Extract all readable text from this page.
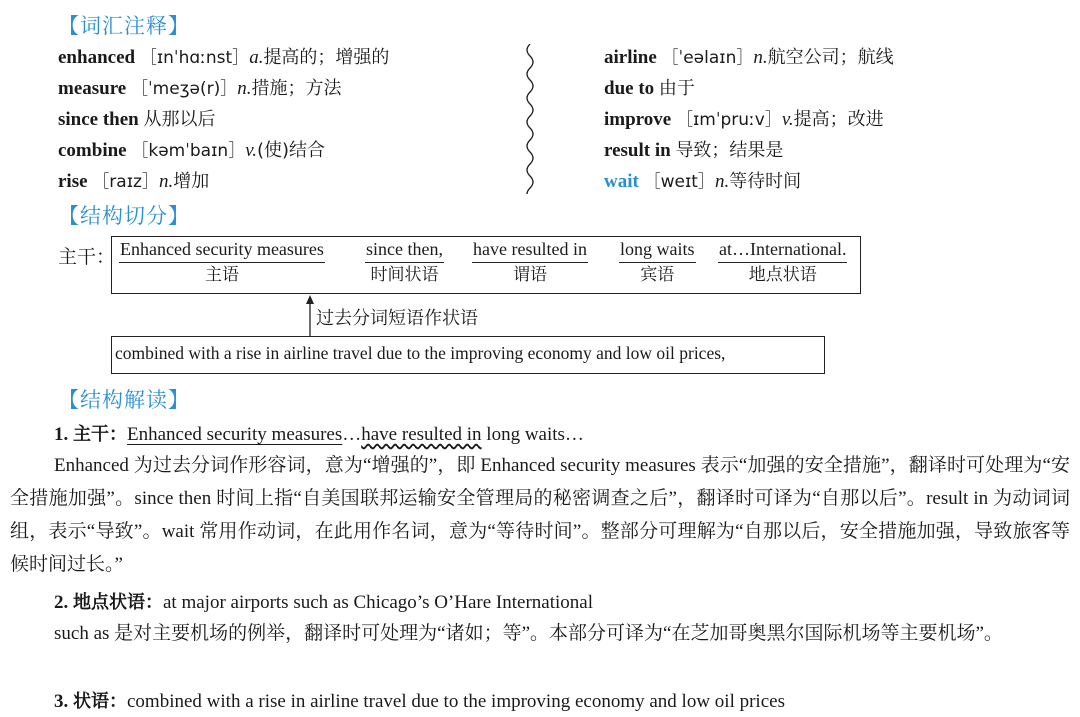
【词汇注释】
enhanced ［ɪnˈhɑːnst］a.提高的；增强的
measure ［ˈmeʒə(r)］n.措施；方法
since then 从那以后
combine ［kəmˈbaɪn］v.(使)结合
rise ［raɪz］n.增加
airline ［ˈeəlaɪn］n.航空公司；航线
due to 由于
improve ［ɪmˈpruːv］v.提高；改进
result in 导致；结果是
wait ［weɪt］n.等待时间
【结构切分】
主干： Enhanced security measures
主语
since then,
时间状语
have resulted in
谓语
long waits
宾语
at…International.
地点状语
过去分词短语作状语
combined with a rise in airline travel due to the improving economy and low oil prices,
【结构解读】
1. 主干：Enhanced security measures…have resulted in long waits…
Enhanced 为过去分词作形容词，意为“增强的”，即 Enhanced security measures 表示“加强的安全措施”，翻译时可处理为“安全措施加强”。since then 时间上指“自美国联邦运输安全管理局的秘密调查之后”，翻译时可译为“自那以后”。result in 为动词词组，表示“导致”。wait 常用作动词，在此用作名词，意为“等待时间”。整部分可理解为“自那以后，安全措施加强，导致旅客等候时间过长。”
2. 地点状语：at major airports such as Chicago’s O’Hare International
such as 是对主要机场的例举，翻译时可处理为“诸如；等”。本部分可译为“在芝加哥奥黑尔国际机场等主要机场”。
3. 状语：combined with a rise in airline travel due to the improving economy and low oil prices
